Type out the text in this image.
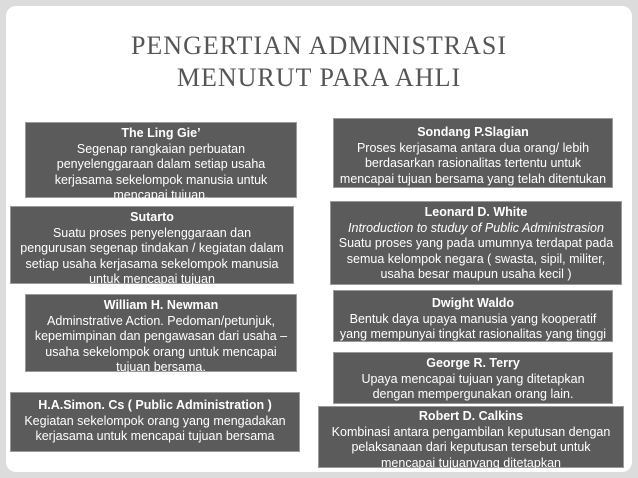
PENGERTIAN ADMINISTRASI
MENURUT PARA AHLI
The Ling Gie’
Segenap rangkaian perbuatan
penyelenggaraan dalam setiap usaha
kerjasama sekelompok manusia untuk
mencapai tujuan.
Sutarto
Suatu proses penyelenggaraan dan
pengurusan segenap tindakan / kegiatan dalam
setiap usaha kerjasama sekelompok manusia
untuk mencapai tujuan
William H. Newman
Adminstrative Action. Pedoman/petunjuk,
kepemimpinan dan pengawasan dari usaha –
usaha sekelompok orang untuk mencapai
tujuan bersama.
H.A.Simon. Cs ( Public Administration )
Kegiatan sekelompok orang yang mengadakan
kerjasama untuk mencapai tujuan bersama
Sondang P.Slagian
Proses kerjasama antara dua orang/ lebih
berdasarkan rasionalitas tertentu untuk
mencapai tujuan bersama yang telah ditentukan
Leonard D. White
Introduction to studuy of Public Administrasion
Suatu proses yang pada umumnya terdapat pada
semua kelompok negara ( swasta, sipil, militer,
usaha besar maupun usaha kecil )
Dwight Waldo
Bentuk daya upaya manusia yang kooperatif
yang mempunyai tingkat rasionalitas yang tinggi
George R. Terry
Upaya mencapai tujuan yang ditetapkan
dengan mempergunakan orang lain.
Robert D. Calkins
Kombinasi antara pengambilan keputusan dengan
pelaksanaan dari keputusan tersebut untuk
mencapai tujuanyang ditetapkan
